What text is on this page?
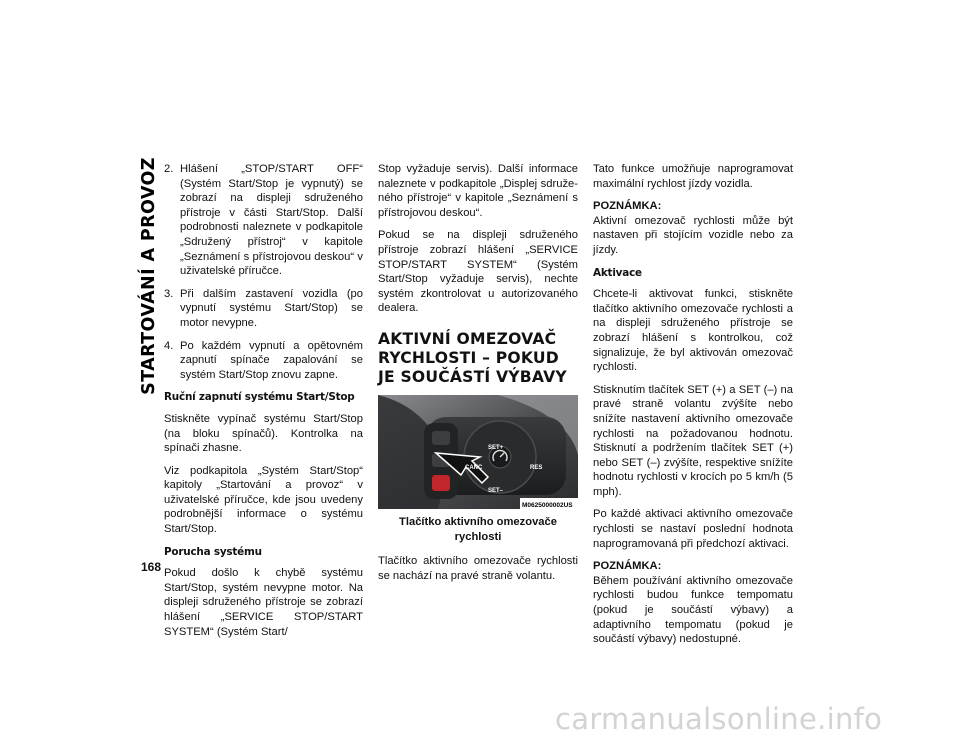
STARTOVÁNÍ A PROVOZ
168
2. Hlášení „STOP/START OFF“ (Systém Start/Stop je vypnutý) se zobrazí na displeji sdruženého přístroje v části Start/Stop. Další podrobnosti naleznete v podkapitole „Sdružený přístroj“ v kapitole „Seznámení s přístrojovou deskou“ v uživatelské příručce.
3. Při dalším zastavení vozidla (po vypnutí systému Start/Stop) se motor nevypne.
4. Po každém vypnutí a opětovném zapnutí spínače zapalování se systém Start/Stop znovu zapne.
Ruční zapnutí systému Start/Stop

Stiskněte vypínač systému Start/Stop (na bloku spínačů). Kontrolka na spínači zhasne.

Viz podkapitola „Systém Start/Stop“ kapitoly „Startování a provoz“ v uživatelské příručce, kde jsou uvedeny podrobnější informace o systému Start/Stop.

Porucha systému

Pokud došlo k chybě systému Start/Stop, systém nevypne motor. Na displeji sdruženého přístroje se zobrazí hlášení „SERVICE STOP/START SYSTEM“ (Systém Start/

Stop vyžaduje servis). Další informace naleznete v podkapitole „Displej sdruženého přístroje“ v kapitole „Seznámení s přístrojovou deskou“.

Pokud se na displeji sdruženého přístroje zobrazí hlášení „SERVICE STOP/START SYSTEM“ (Systém Start/Stop vyžaduje servis), nechte systém zkontrolovat u autorizovaného dealera.

AKTIVNÍ OMEZOVAČ RYCHLOSTI – POKUD JE SOUČÁSTÍ VÝBAVY
SET+
CANC	RES
SET–
M0625000002US

Tlačítko aktivního omezovače rychlosti

Tlačítko aktivního omezovače rychlosti se nachází na pravé straně volantu.

Tato funkce umožňuje naprogramovat maximální rychlost jízdy vozidla.

POZNÁMKA:

Aktivní omezovač rychlosti může být nastaven při stojícím vozidle nebo za jízdy.

Aktivace

Chcete-li aktivovat funkci, stiskněte tlačítko aktivního omezovače rychlosti a na displeji sdruženého přístroje se zobrazí hlášení s kontrolkou, což signalizuje, že byl aktivován omezovač rychlosti.

Stisknutím tlačítek SET (+) a SET (–) na pravé straně volantu zvýšíte nebo snížíte nastavení aktivního omezovače rychlosti na požadovanou hodnotu. Stisknutí a podržením tlačítek SET (+) nebo SET (–) zvýšíte, respektive snížíte hodnotu rychlosti v krocích po 5 km/h (5 mph).

Po každé aktivaci aktivního omezovače rychlosti se nastaví poslední hodnota naprogramovaná při předchozí aktivaci.

POZNÁMKA:

Během používání aktivního omezovače rychlosti budou funkce tempomatu (pokud je součástí výbavy) a adaptivního tempomatu (pokud je součástí výbavy) nedostupné.

carmanualsonline.info
